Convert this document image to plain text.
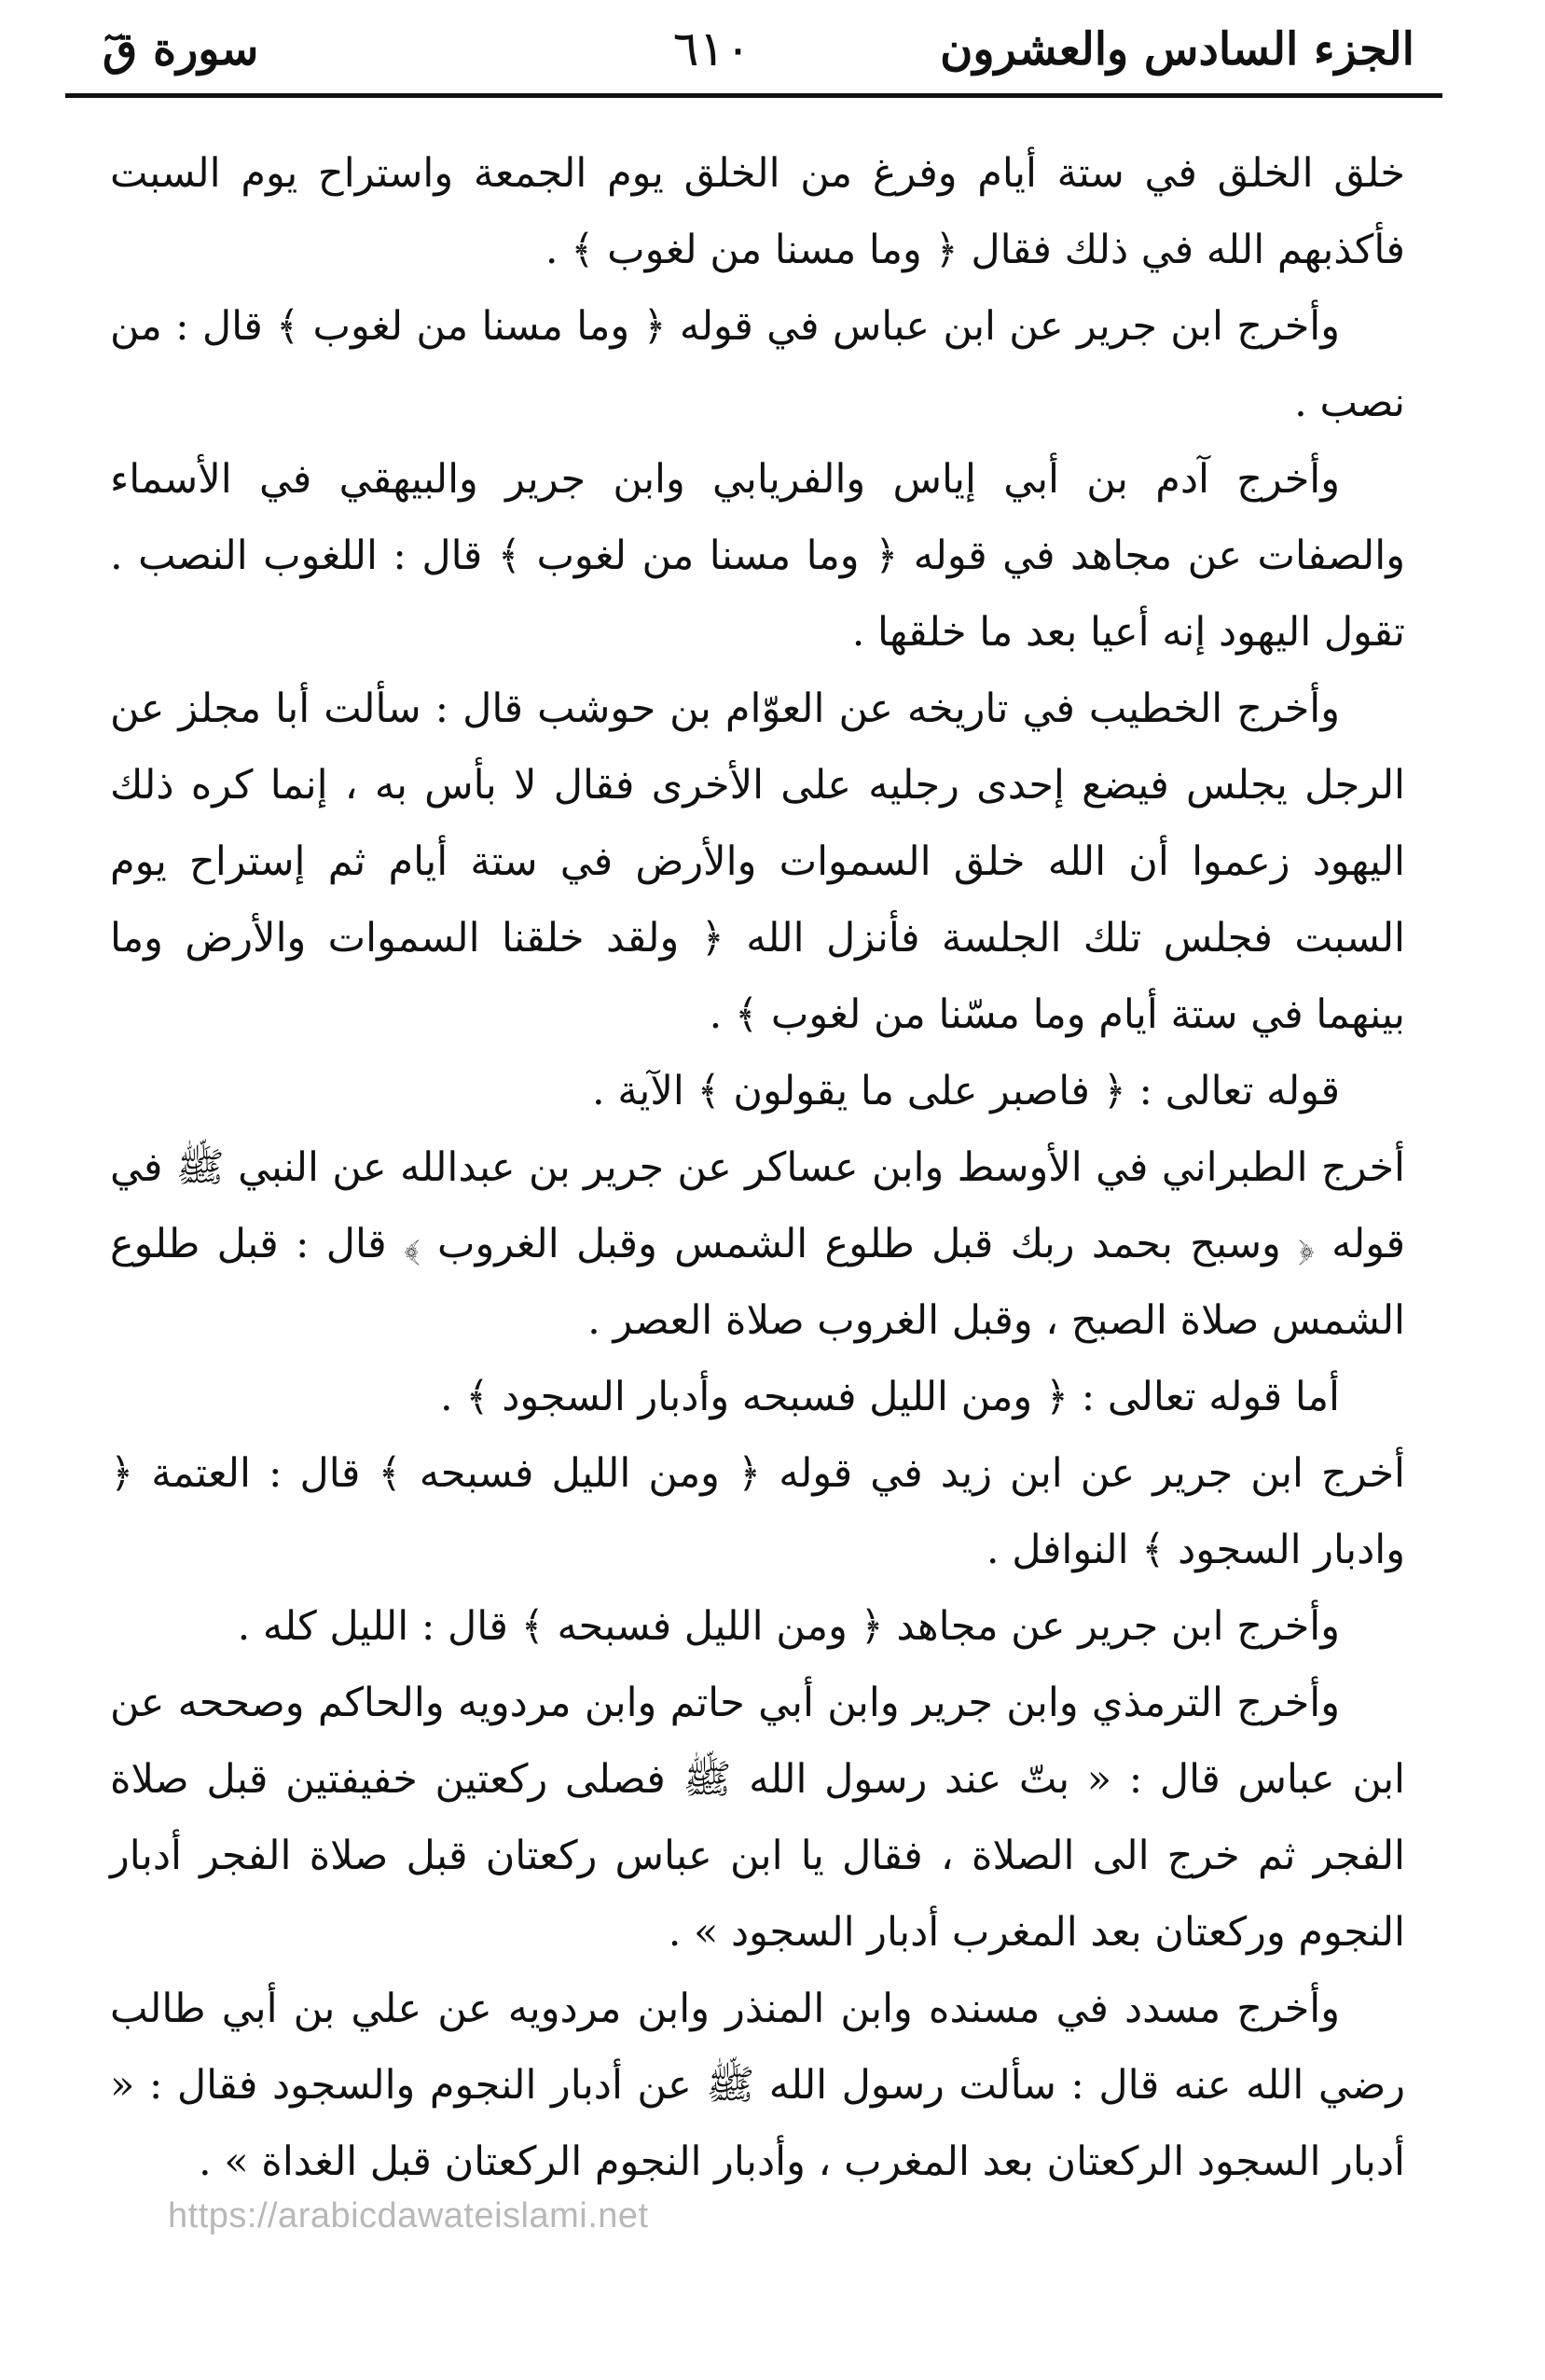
الجزء السادس والعشرون
٦١٠
سورة قٓ

خلق الخلق في ستة أيام وفرغ من الخلق يوم الجمعة واستراح يوم السبت فأكذبهم الله في ذلك فقال ﴿ وما مسنا من لغوب ﴾ .

وأخرج ابن جرير عن ابن عباس في قوله ﴿ وما مسنا من لغوب ﴾ قال : من نصب .

وأخرج آدم بن أبي إياس والفريابي وابن جرير والبيهقي في الأسماء والصفات عن مجاهد في قوله ﴿ وما مسنا من لغوب ﴾ قال : اللغوب النصب . تقول اليهود إنه أعيا بعد ما خلقها .

وأخرج الخطيب في تاريخه عن العوّام بن حوشب قال : سألت أبا مجلز عن الرجل يجلس فيضع إحدى رجليه على الأخرى فقال لا بأس به ، إنما كره ذلك اليهود زعموا أن الله خلق السموات والأرض في ستة أيام ثم إستراح يوم السبت فجلس تلك الجلسة فأنزل الله ﴿ ولقد خلقنا السموات والأرض وما بينهما في ستة أيام وما مسّنا من لغوب ﴾ .

قوله تعالى : ﴿ فاصبر على ما يقولون ﴾ الآية .

أخرج الطبراني في الأوسط وابن عساكر عن جرير بن عبدالله عن النبي ﷺ في قوله ﴿ وسبح بحمد ربك قبل طلوع الشمس وقبل الغروب ﴾ قال : قبل طلوع الشمس صلاة الصبح ، وقبل الغروب صلاة العصر .

أما قوله تعالى : ﴿ ومن الليل فسبحه وأدبار السجود ﴾ .

أخرج ابن جرير عن ابن زيد في قوله ﴿ ومن الليل فسبحه ﴾ قال : العتمة ﴿ وادبار السجود ﴾ النوافل .

وأخرج ابن جرير عن مجاهد ﴿ ومن الليل فسبحه ﴾ قال : الليل كله .

وأخرج الترمذي وابن جرير وابن أبي حاتم وابن مردويه والحاكم وصححه عن ابن عباس قال : « بتّ عند رسول الله ﷺ فصلى ركعتين خفيفتين قبل صلاة الفجر ثم خرج الى الصلاة ، فقال يا ابن عباس ركعتان قبل صلاة الفجر أدبار النجوم وركعتان بعد المغرب أدبار السجود » .

وأخرج مسدد في مسنده وابن المنذر وابن مردويه عن علي بن أبي طالب رضي الله عنه قال : سألت رسول الله ﷺ عن أدبار النجوم والسجود فقال : « أدبار السجود الركعتان بعد المغرب ، وأدبار النجوم الركعتان قبل الغداة » .

https://arabicdawateislami.net
